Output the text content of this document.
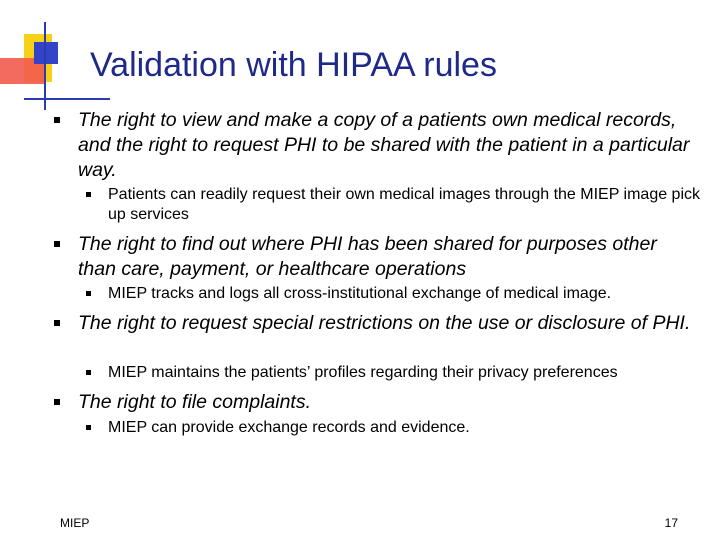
Validation with HIPAA rules
The right to view and make a copy of a patients own medical records, and the right to request PHI to be shared with the patient in a particular way.
Patients can readily request their own medical images through the MIEP image pick up services
The right to find out where PHI has been shared for purposes other than care, payment, or healthcare operations
MIEP tracks and logs all cross-institutional exchange of medical image.
The right to request special restrictions on the use or disclosure of PHI.
MIEP maintains the patients’ profiles regarding their privacy preferences
The right to file complaints.
MIEP can provide exchange records and evidence.
MIEP	17
